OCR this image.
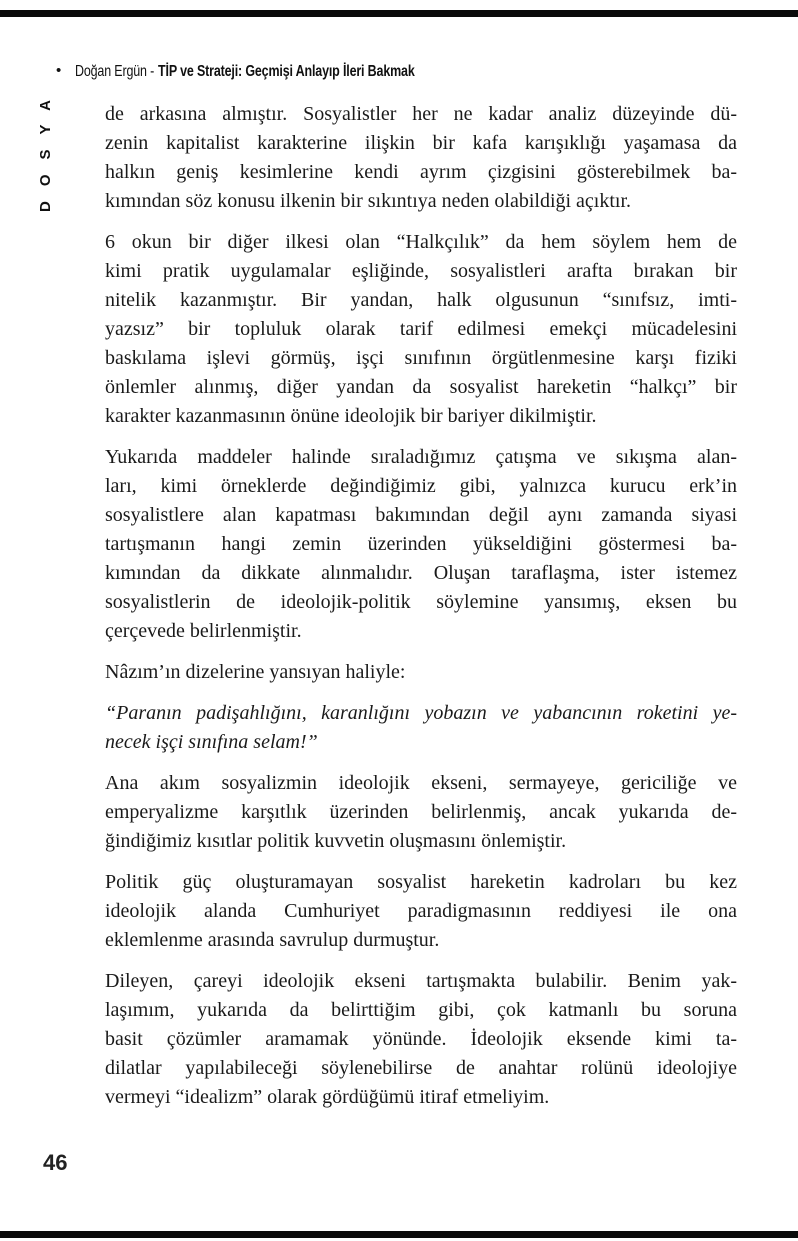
• Doğan Ergün - TİP ve Strateji: Geçmişi Anlayıp İleri Bakmak
DOSYA	de arkasına almıştır. Sosyalistler her ne kadar analiz düzeyinde dü-
zenin kapitalist karakterine ilişkin bir kafa karışıklığı yaşamasa da
halkın geniş kesimlerine kendi ayrım çizgisini gösterebilmek ba-
kımından söz konusu ilkenin bir sıkıntıya neden olabildiği açıktır.
6 okun bir diğer ilkesi olan “Halkçılık” da hem söylem hem de
kimi pratik uygulamalar eşliğinde, sosyalistleri arafta bırakan bir
nitelik kazanmıştır. Bir yandan, halk olgusunun “sınıfsız, imti-
yazsız” bir topluluk olarak tarif edilmesi emekçi mücadelesini
baskılama işlevi görmüş, işçi sınıfının örgütlenmesine karşı fiziki
önlemler alınmış, diğer yandan da sosyalist hareketin “halkçı” bir
karakter kazanmasının önüne ideolojik bir bariyer dikilmiştir.
Yukarıda maddeler halinde sıraladığımız çatışma ve sıkışma alan-
ları, kimi örneklerde değindiğimiz gibi, yalnızca kurucu erk’in
sosyalistlere alan kapatması bakımından değil aynı zamanda siyasi
tartışmanın hangi zemin üzerinden yükseldiğini göstermesi ba-
kımından da dikkate alınmalıdır. Oluşan taraflaşma, ister istemez
sosyalistlerin de ideolojik-politik söylemine yansımış, eksen bu
çerçevede belirlenmiştir.
Nâzım’ın dizelerine yansıyan haliyle:
“Paranın padişahlığını, karanlığını yobazın ve yabancının roketini ye-
necek işçi sınıfına selam!”
Ana akım sosyalizmin ideolojik ekseni, sermayeye, gericiliğe ve
emperyalizme karşıtlık üzerinden belirlenmiş, ancak yukarıda de-
ğindiğimiz kısıtlar politik kuvvetin oluşmasını önlemiştir.
Politik güç oluşturamayan sosyalist hareketin kadroları bu kez
ideolojik alanda Cumhuriyet paradigmasının reddiyesi ile ona
eklemlenme arasında savrulup durmuştur.
Dileyen, çareyi ideolojik ekseni tartışmakta bulabilir. Benim yak-
laşımım, yukarıda da belirttiğim gibi, çok katmanlı bu soruna
basit çözümler aramamak yönünde. İdeolojik eksende kimi ta-
dilatlar yapılabileceği söylenebilirse de anahtar rolünü ideolojiye
vermeyi “idealizm” olarak gördüğümü itiraf etmeliyim.
46
